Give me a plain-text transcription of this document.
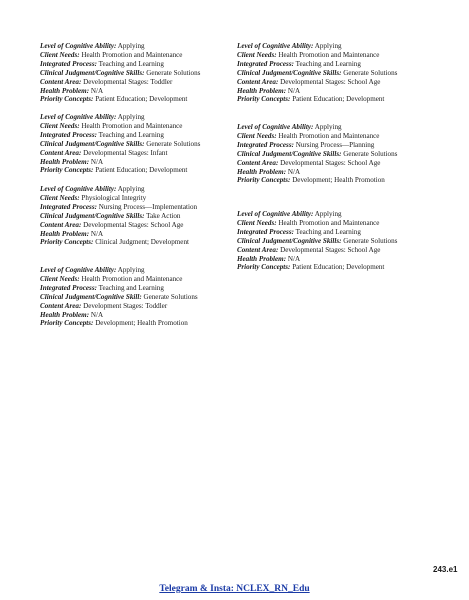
Level of Cognitive Ability: Applying
Client Needs: Health Promotion and Maintenance
Integrated Process: Teaching and Learning
Clinical Judgment/Cognitive Skills: Generate Solutions
Content Area: Developmental Stages: Toddler
Health Problem: N/A
Priority Concepts: Patient Education; Development
Level of Cognitive Ability: Applying
Client Needs: Health Promotion and Maintenance
Integrated Process: Teaching and Learning
Clinical Judgment/Cognitive Skills: Generate Solutions
Content Area: Developmental Stages: Infant
Health Problem: N/A
Priority Concepts: Patient Education; Development
Level of Cognitive Ability: Applying
Client Needs: Physiological Integrity
Integrated Process: Nursing Process—Implementation
Clinical Judgment/Cognitive Skills: Take Action
Content Area: Developmental Stages: School Age
Health Problem: N/A
Priority Concepts: Clinical Judgment; Development
Level of Cognitive Ability: Applying
Client Needs: Health Promotion and Maintenance
Integrated Process: Teaching and Learning
Clinical Judgment/Cognitive Skill: Generate Solutions
Content Area: Development Stages: Toddler
Health Problem: N/A
Priority Concepts: Development; Health Promotion
Level of Cognitive Ability: Applying
Client Needs: Health Promotion and Maintenance
Integrated Process: Teaching and Learning
Clinical Judgment/Cognitive Skills: Generate Solutions
Content Area: Developmental Stages: School Age
Health Problem: N/A
Priority Concepts: Patient Education; Development
Level of Cognitive Ability: Applying
Client Needs: Health Promotion and Maintenance
Integrated Process: Nursing Process—Planning
Clinical Judgment/Cognitive Skills: Generate Solutions
Content Area: Developmental Stages: School Age
Health Problem: N/A
Priority Concepts: Development; Health Promotion
Level of Cognitive Ability: Applying
Client Needs: Health Promotion and Maintenance
Integrated Process: Teaching and Learning
Clinical Judgment/Cognitive Skills: Generate Solutions
Content Area: Developmental Stages: School Age
Health Problem: N/A
Priority Concepts: Patient Education; Development
243.e1
Telegram & Insta: NCLEX_RN_Edu
